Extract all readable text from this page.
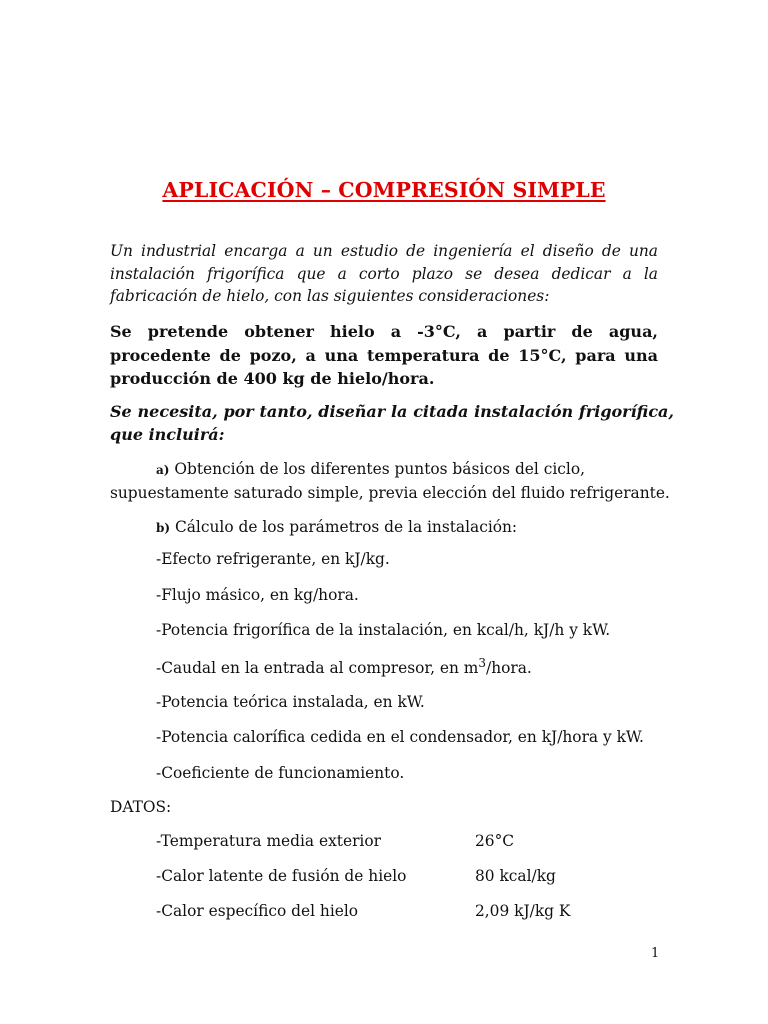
APLICACIÓN – COMPRESIÓN SIMPLE
Un industrial encarga a un estudio de ingeniería el diseño de una instalación frigorífica que a corto plazo se desea dedicar a la fabricación de hielo, con las siguientes consideraciones:
Se pretende obtener hielo a -3°C, a partir de agua, procedente de pozo, a una temperatura de 15°C, para una producción de 400 kg de hielo/hora.
Se necesita, por tanto, diseñar la citada instalación frigorífica, que incluirá:
a) Obtención de los diferentes puntos básicos del ciclo,
supuestamente saturado simple, previa elección del fluido refrigerante.
b) Cálculo de los parámetros de la instalación:
-Efecto refrigerante, en kJ/kg.
-Flujo másico, en kg/hora.
-Potencia frigorífica de la instalación, en kcal/h, kJ/h y kW.
-Caudal en la entrada al compresor, en $m^3$/hora.
-Potencia teórica instalada, en kW.
-Potencia calorífica cedida en el condensador, en kJ/hora y kW.
-Coeficiente de funcionamiento.
DATOS:
-Temperatura media exterior	26°C
-Calor latente de fusión de hielo	80 kcal/kg
-Calor específico del hielo	2,09 kJ/kg K
1
